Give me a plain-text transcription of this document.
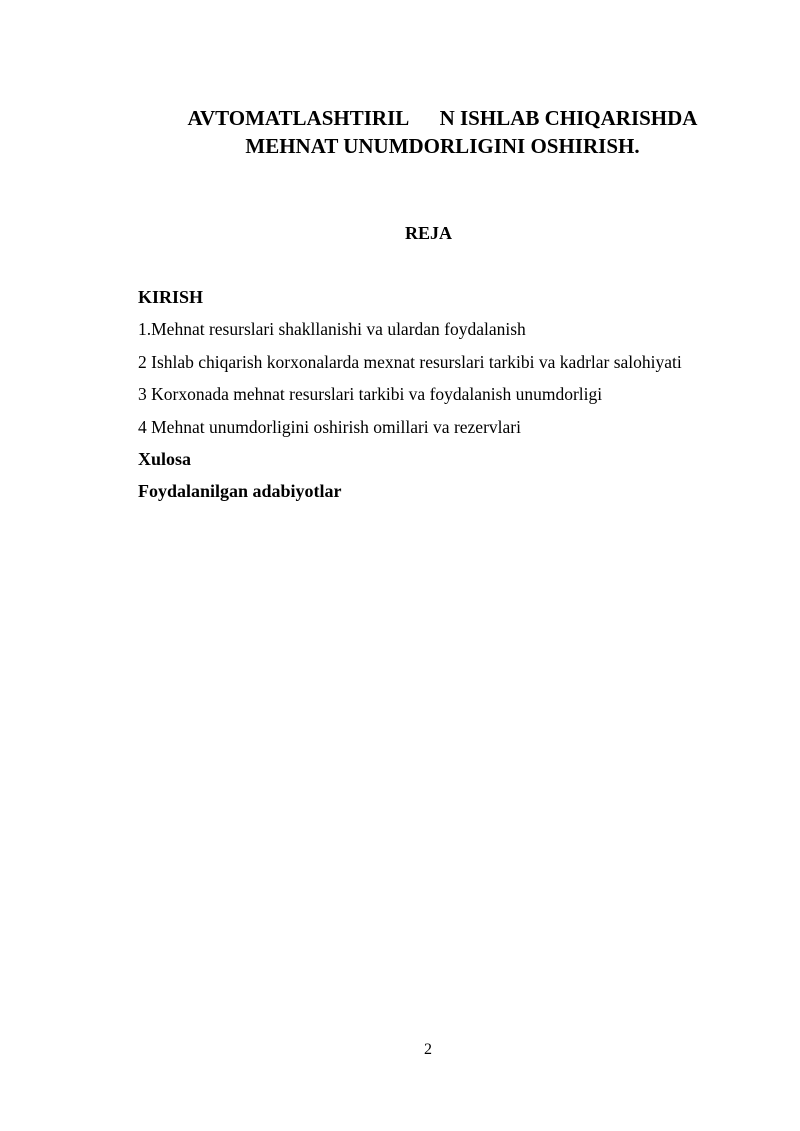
AVTOMATLASHTIRIL      N ISHLAB CHIQARISHDA
MEHNAT UNUMDORLIGINI OSHIRISH.
REJA
KIRISH
1.Mehnat resurslari shakllanishi va ulardan foydalanish
2 Ishlab chiqarish korxonalarda mexnat resurslari tarkibi va kadrlar salohiyati
3 Korxonada mehnat resurslari tarkibi va foydalanish unumdorligi
4 Mehnat unumdorligini oshirish omillari va rezervlari
Xulosa
Foydalanilgan adabiyotlar
2
